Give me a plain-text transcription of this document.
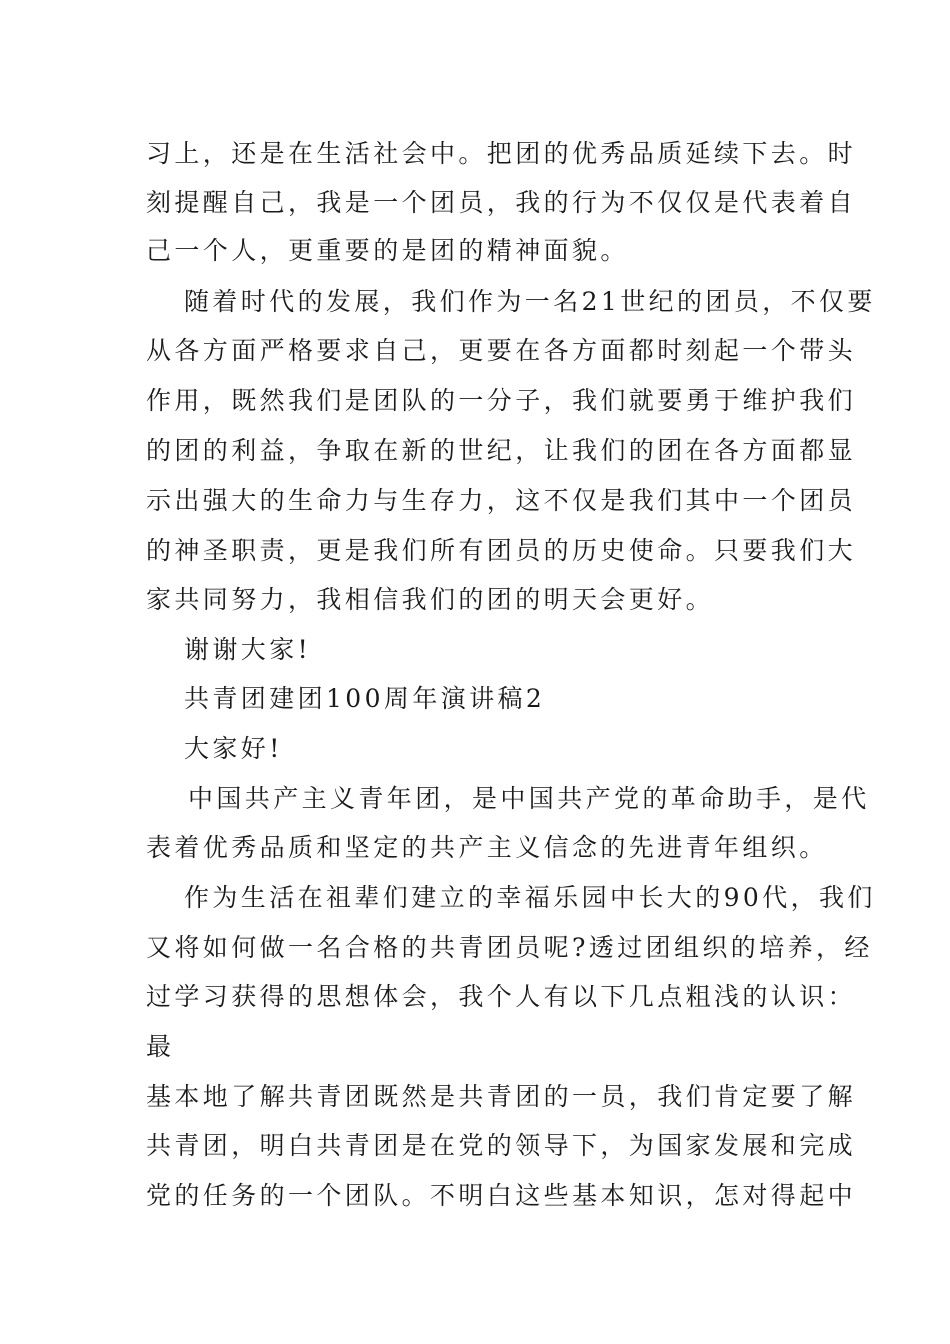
习上，还是在生活社会中。把团的优秀品质延续下去。时
刻提醒自己，我是一个团员，我的行为不仅仅是代表着自
己一个人，更重要的是团的精神面貌。
随着时代的发展，我们作为一名21世纪的团员，不仅要
从各方面严格要求自己，更要在各方面都时刻起一个带头
作用，既然我们是团队的一分子，我们就要勇于维护我们
的团的利益，争取在新的世纪，让我们的团在各方面都显
示出强大的生命力与生存力，这不仅是我们其中一个团员
的神圣职责，更是我们所有团员的历史使命。只要我们大
家共同努力，我相信我们的团的明天会更好。
谢谢大家!
共青团建团100周年演讲稿2
大家好!
中国共产主义青年团，是中国共产党的革命助手，是代
表着优秀品质和坚定的共产主义信念的先进青年组织。
作为生活在祖辈们建立的幸福乐园中长大的90代，我们
又将如何做一名合格的共青团员呢?透过团组织的培养，经
过学习获得的思想体会，我个人有以下几点粗浅的认识：
最
基本地了解共青团既然是共青团的一员，我们肯定要了解
共青团，明白共青团是在党的领导下，为国家发展和完成
党的任务的一个团队。不明白这些基本知识，怎对得起中
